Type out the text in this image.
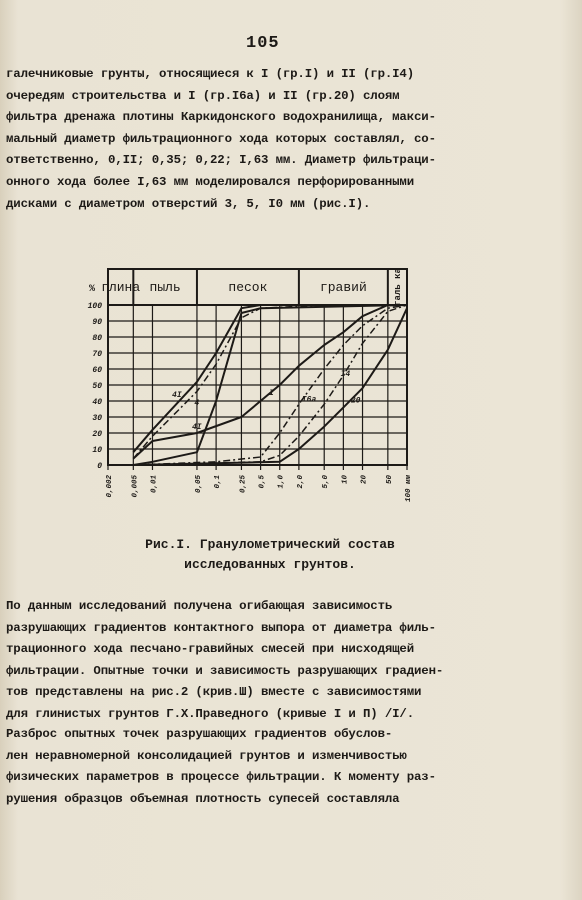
105

галечниковые грунты, относящиеся к I (гр.I) и II (гр.I4)
очередям строительства и I (гр.I6а) и II (гр.20) слоям
фильтра дренажа плотины Каркидонского водохранилища, макси-
мальный диаметр фильтрационного хода которых составлял, со-
ответственно, 0,II; 0,35; 0,22; I,63 мм. Диаметр фильтраци-
онного хода более I,63 мм моделировался перфорированными
дисками с диаметром отверстий 3, 5, I0 мм (рис.I).

глина пыль	песок	гравий	галь ка
0
10
20
30
40
50
60
70
80
90
100
%
0,002 0,005 0,01	0,05 0,1 0,25 0,5 1,0 2,0 5,0 10 20 50 100 мм
4I
4
4I
I
I6а
I4
20
Рис.I. Гранулометрический состав
исследованных грунтов.

По данным исследований получена огибающая зависимость
разрушающих градиентов контактного выпора от диаметра филь-
трационного хода песчано-гравийных смесей при нисходящей
фильтрации. Опытные точки и зависимость разрушающих градиен-
тов представлены на рис.2 (крив.Ш) вместе с зависимостями
для глинистых грунтов Г.Х.Праведного (кривые I и П) /I/.

Разброс опытных точек разрушающих градиентов обуслов-
лен неравномерной консолидацией грунтов и изменчивостью
физических параметров в процессе фильтрации. К моменту раз-
рушения образцов объемная плотность супесей составляла
